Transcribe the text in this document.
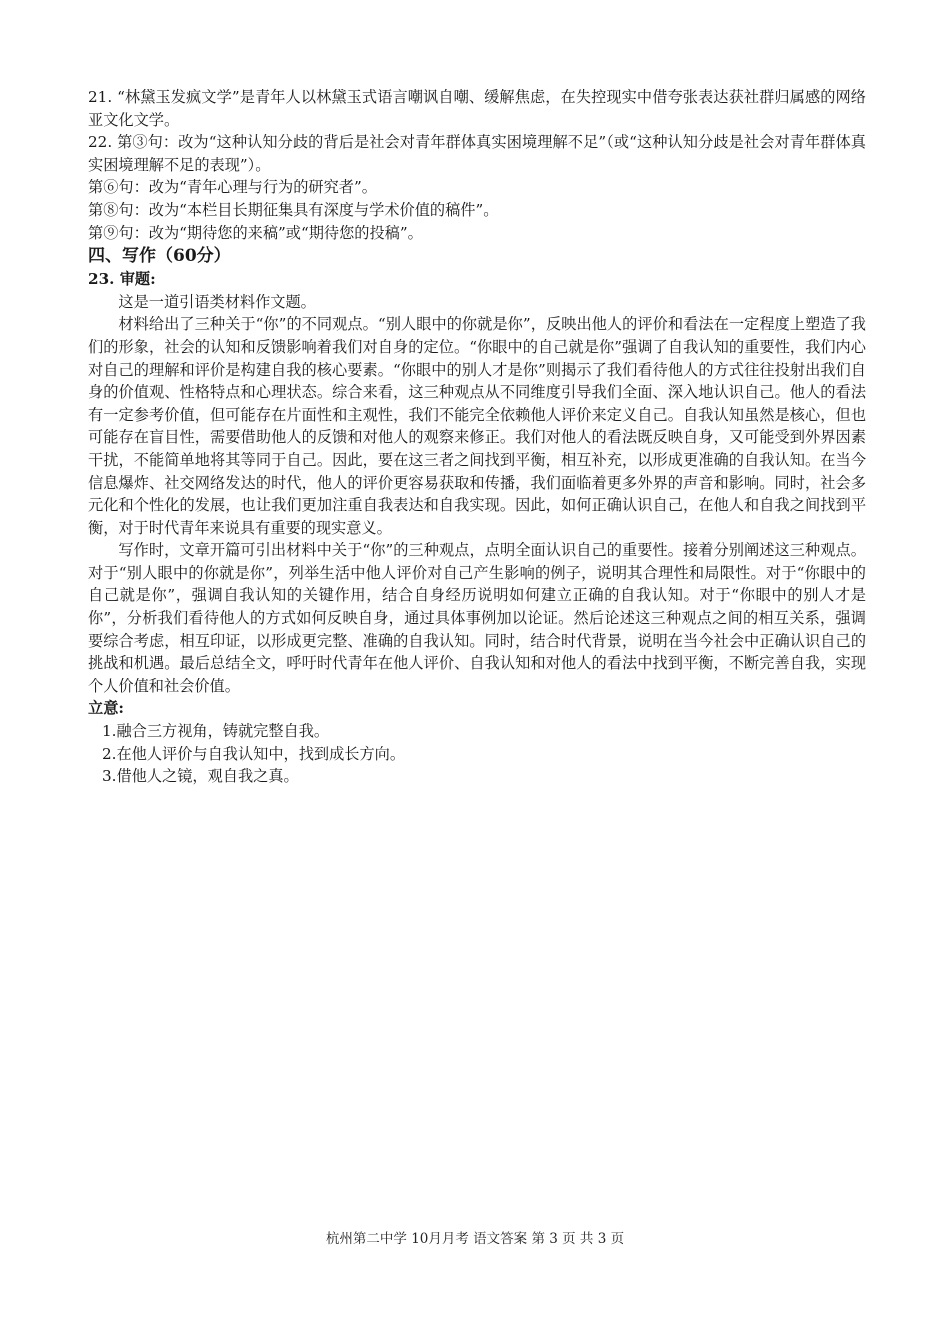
21. “林黛玉发疯文学”是青年人以林黛玉式语言嘲讽自嘲、缓解焦虑，在失控现实中借夸张表达获社群归属感的网络亚文化文学。

22. 第③句：改为“这种认知分歧的背后是社会对青年群体真实困境理解不足”（或“这种认知分歧是社会对青年群体真实困境理解不足的表现”）。

第⑥句：改为“青年心理与行为的研究者”。

第⑧句：改为“本栏目长期征集具有深度与学术价值的稿件”。

第⑨句：改为“期待您的来稿”或“期待您的投稿”。

四、写作（60分）

23. 审题:

这是一道引语类材料作文题。

材料给出了三种关于“你”的不同观点。“别人眼中的你就是你”，反映出他人的评价和看法在一定程度上塑造了我们的形象，社会的认知和反馈影响着我们对自身的定位。“你眼中的自己就是你”强调了自我认知的重要性，我们内心对自己的理解和评价是构建自我的核心要素。“你眼中的别人才是你”则揭示了我们看待他人的方式往往投射出我们自身的价值观、性格特点和心理状态。综合来看，这三种观点从不同维度引导我们全面、深入地认识自己。他人的看法有一定参考价值，但可能存在片面性和主观性，我们不能完全依赖他人评价来定义自己。自我认知虽然是核心，但也可能存在盲目性，需要借助他人的反馈和对他人的观察来修正。我们对他人的看法既反映自身，又可能受到外界因素干扰，不能简单地将其等同于自己。因此，要在这三者之间找到平衡，相互补充，以形成更准确的自我认知。在当今信息爆炸、社交网络发达的时代，他人的评价更容易获取和传播，我们面临着更多外界的声音和影响。同时，社会多元化和个性化的发展，也让我们更加注重自我表达和自我实现。因此，如何正确认识自己，在他人和自我之间找到平衡，对于时代青年来说具有重要的现实意义。

写作时，文章开篇可引出材料中关于“你”的三种观点，点明全面认识自己的重要性。接着分别阐述这三种观点。对于“别人眼中的你就是你”，列举生活中他人评价对自己产生影响的例子，说明其合理性和局限性。对于“你眼中的自己就是你”，强调自我认知的关键作用，结合自身经历说明如何建立正确的自我认知。对于“你眼中的别人才是你”，分析我们看待他人的方式如何反映自身，通过具体事例加以论证。然后论述这三种观点之间的相互关系，强调要综合考虑，相互印证，以形成更完整、准确的自我认知。同时，结合时代背景，说明在当今社会中正确认识自己的挑战和机遇。最后总结全文，呼吁时代青年在他人评价、自我认知和对他人的看法中找到平衡，不断完善自我，实现个人价值和社会价值。

立意:

1.融合三方视角，铸就完整自我。

2.在他人评价与自我认知中，找到成长方向。

3.借他人之镜，观自我之真。

杭州第二中学 10月月考 语文答案 第 3 页 共 3 页
